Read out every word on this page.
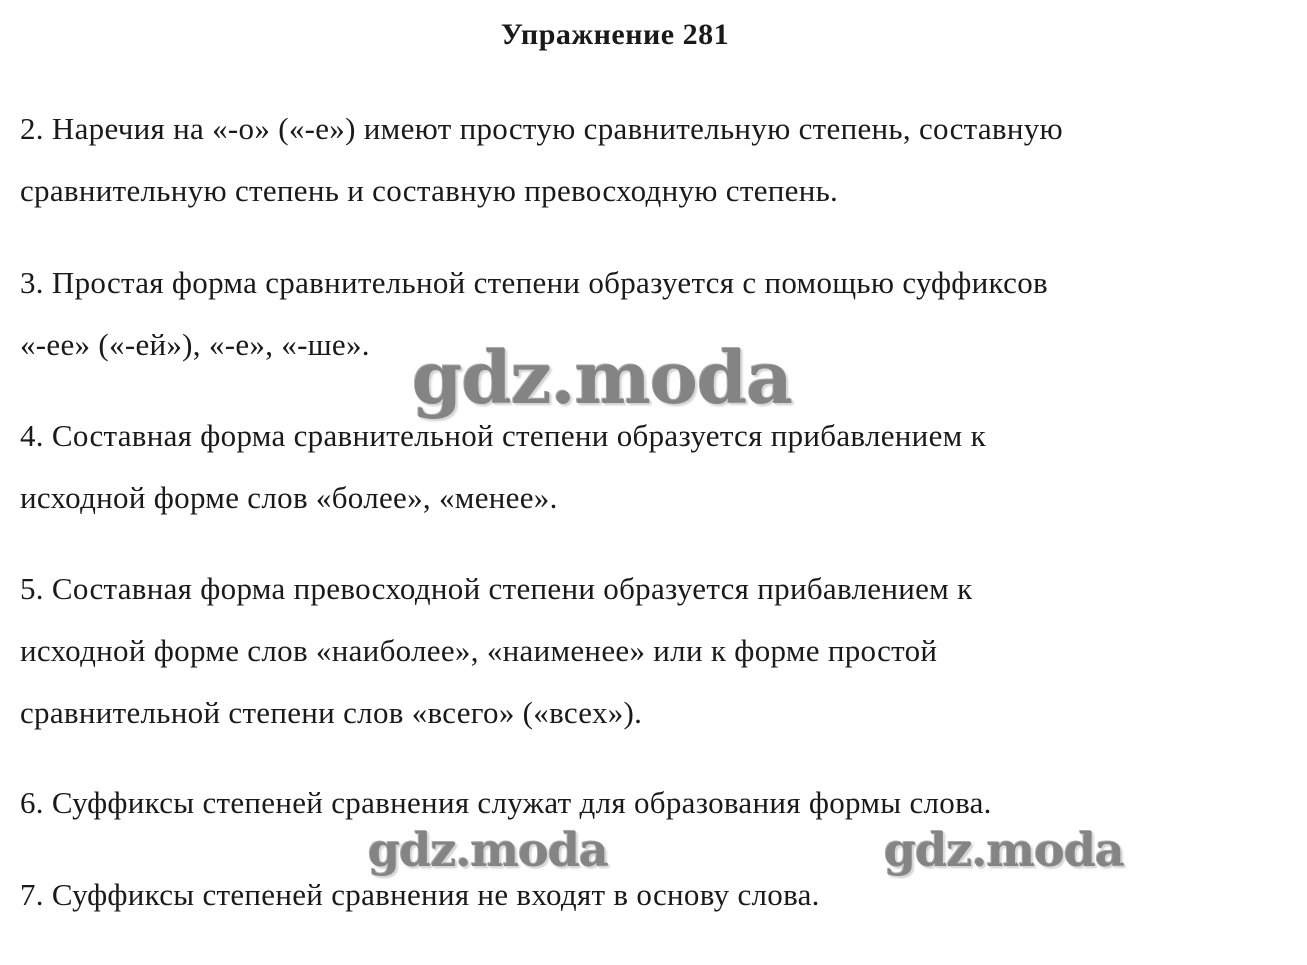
Упражнение 281
2. Наречия на «-о» («-е») имеют простую сравнительную степень, составную
сравнительную степень и составную превосходную степень.
3. Простая форма сравнительной степени образуется с помощью суффиксов
«-ее» («-ей»), «-е», «-ше».
4. Составная форма сравнительной степени образуется прибавлением к
исходной форме слов «более», «менее».
5. Составная форма превосходной степени образуется прибавлением к
исходной форме слов «наиболее», «наименее» или к форме простой
сравнительной степени слов «всего» («всех»).
6. Суффиксы степеней сравнения служат для образования формы слова.
7. Суффиксы степеней сравнения не входят в основу слова.
gdz.moda
gdz.moda	gdz.moda
